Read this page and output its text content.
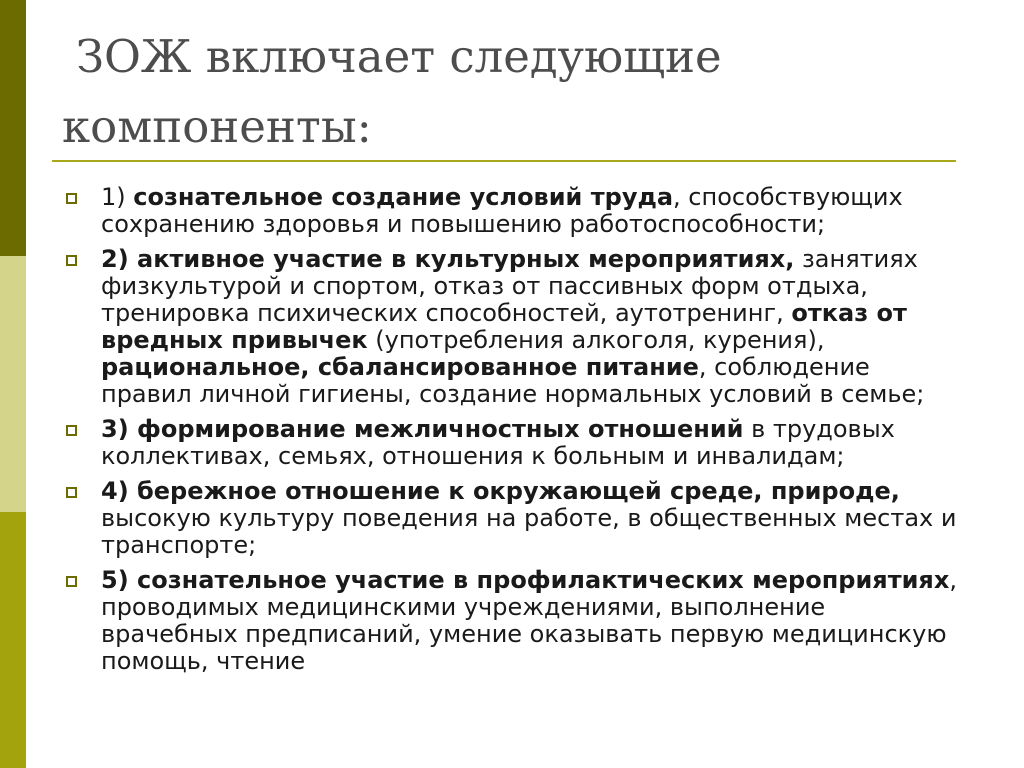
ЗОЖ включает следующие
компоненты:
1) сознательное создание условий труда, способствующих сохранению здоровья и повышению работоспособности;
2) активное участие в культурных мероприятиях, занятиях физкультурой и спортом, отказ от пассивных форм отдыха, тренировка психических способностей, аутотренинг, отказ от вредных привычек (употребления алкоголя, курения), рациональное, сбалансированное питание, соблюдение правил личной гигиены, создание нормальных условий в семье;
3) формирование межличностных отношений в трудовых коллективах, семьях, отношения к больным и инвалидам;
4) бережное отношение к окружающей среде, природе, высокую культуру поведения на работе, в общественных местах и транспорте;
5) сознательное участие в профилактических мероприятиях, проводимых медицинскими учреждениями, выполнение врачебных предписаний, умение оказывать первую медицинскую помощь, чтение
